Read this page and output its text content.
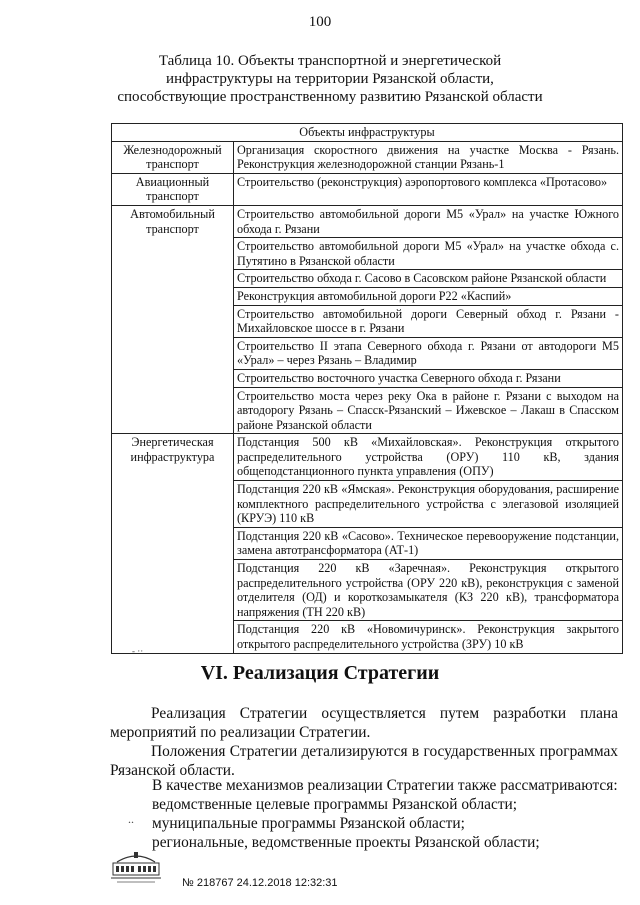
100
Таблица 10. Объекты транспортной и энергетической инфраструктуры на территории Рязанской области, способствующие пространственному развитию Рязанской области
Объекты инфраструктуры	
Железнодорожный транспорт	Организация скоростного движения на участке Москва - Рязань. Реконструкция железнодорожной станции Рязань-1
Авиационный транспорт	Строительство (реконструкция) аэропортового комплекса «Протасово»
Автомобильный транспорт	Строительство автомобильной дороги М5 «Урал» на участке Южного обхода г. Рязани
	Строительство автомобильной дороги М5 «Урал» на участке обхода с. Путятино в Рязанской области
	Строительство обхода г. Сасово в Сасовском районе Рязанской области
	Реконструкция автомобильной дороги Р22 «Каспий»
	Строительство автомобильной дороги Северный обход г. Рязани - Михайловское шоссе в г. Рязани
	Строительство II этапа Северного обхода г. Рязани от автодороги М5 «Урал» – через Рязань – Владимир
	Строительство восточного участка Северного обхода г. Рязани
	Строительство моста через реку Ока в районе г. Рязани с выходом на автодорогу Рязань – Спасск-Рязанский – Ижевское – Лакаш в Спасском районе Рязанской области
Энергетическая инфраструктура	Подстанция 500 кВ «Михайловская». Реконструкция открытого распределительного устройства (ОРУ) 110 кВ, здания общеподстанционного пункта управления (ОПУ)
	Подстанция 220 кВ «Ямская». Реконструкция оборудования, расширение комплектного распределительного устройства с элегазовой изоляцией (КРУЭ) 110 кВ
	Подстанция 220 кВ «Сасово». Техническое перевооружение подстанции, замена автотрансформатора (АТ-1)
	Подстанция 220 кВ «Заречная». Реконструкция открытого распределительного устройства (ОРУ 220 кВ), реконструкция с заменой отделителя (ОД) и короткозамыкателя (КЗ 220 кВ), трансформатора напряжения (ТН 220 кВ)
	Подстанция 220 кВ «Новомичуринск». Реконструкция закрытого открытого распределительного устройства (ЗРУ) 10 кВ
- ··
VI. Реализация Стратегии
Реализация Стратегии осуществляется путем разработки плана мероприятий по реализации Стратегии.
Положения Стратегии детализируются в государственных программах Рязанской области.
В качестве механизмов реализации Стратегии также рассматриваются:
ведомственные целевые программы Рязанской области;
муниципальные программы Рязанской области;
региональные, ведомственные проекты Рязанской области;
..
№ 218767 24.12.2018 12:32:31
